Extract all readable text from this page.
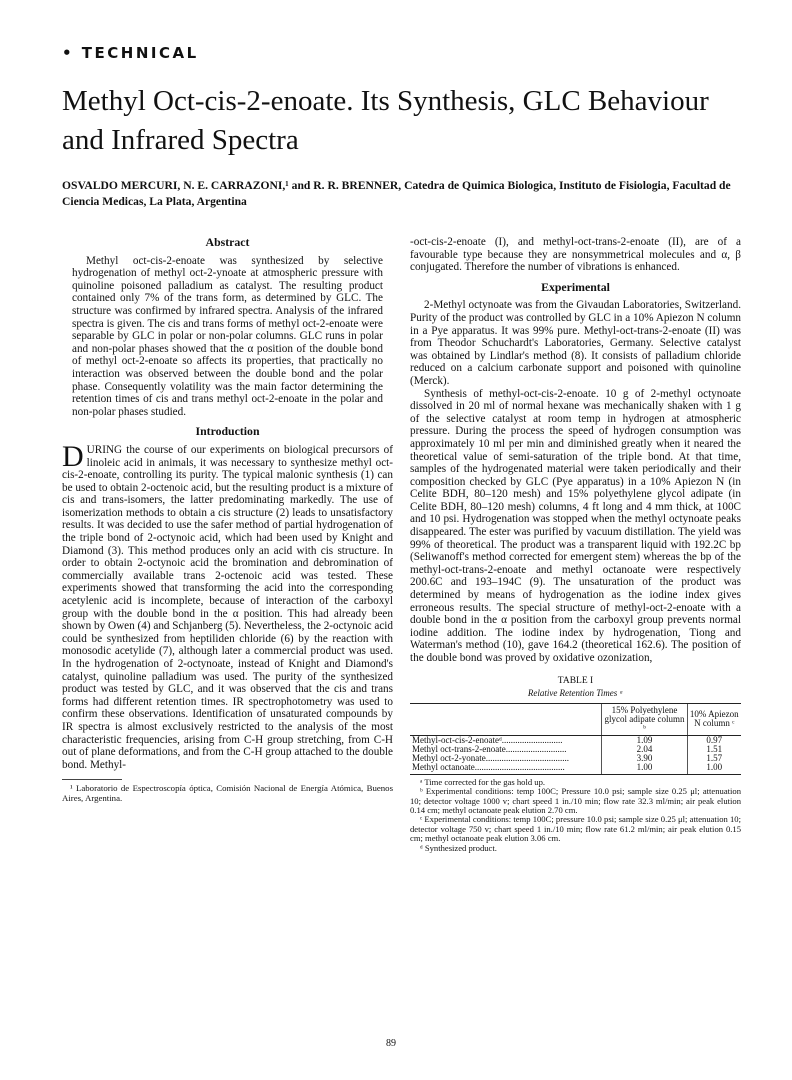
• TECHNICAL
Methyl Oct-cis-2-enoate. Its Synthesis, GLC Behaviour and Infrared Spectra

OSVALDO MERCURI, N. E. CARRAZONI,¹ and R. R. BRENNER, Catedra de Quimica Biologica, Instituto de Fisiologia, Facultad de Ciencia Medicas, La Plata, Argentina

Abstract

Methyl oct-cis-2-enoate was synthesized by selective hydrogenation of methyl oct-2-ynoate at atmospheric pressure with quinoline poisoned palladium as catalyst. The resulting product contained only 7% of the trans form, as determined by GLC. The structure was confirmed by infrared spectra. Analysis of the infrared spectra is given. The cis and trans forms of methyl oct-2-enoate were separable by GLC in polar or non-polar columns. GLC runs in polar and non-polar phases showed that the α position of the double bond of methyl oct-2-enoate so affects its properties, that practically no interaction was observed between the double bond and the polar phase. Consequently volatility was the main factor determining the retention times of cis and trans methyl oct-2-enoate in the polar and non-polar phases studied.

Introduction

DURING the course of our experiments on biological precursors of linoleic acid in animals, it was necessary to synthesize methyl oct-cis-2-enoate, controlling its purity. The typical malonic synthesis (1) can be used to obtain 2-octenoic acid, but the resulting product is a mixture of cis and trans-isomers, the latter predominating markedly. The use of isomerization methods to obtain a cis structure (2) leads to unsatisfactory results. It was decided to use the safer method of partial hydrogenation of the triple bond of 2-octynoic acid, which had been used by Knight and Diamond (3). This method produces only an acid with cis structure. In order to obtain 2-octynoic acid the bromination and debromination of commercially available trans 2-octenoic acid was tested. These experiments showed that transforming the acid into the corresponding acetylenic acid is incomplete, because of interaction of the carboxyl group with the double bond in the α position. This had already been shown by Owen (4) and Schjanberg (5). Nevertheless, the 2-octynoic acid could be synthesized from heptiliden chloride (6) by the reaction with monosodic acetylide (7), although later a commercial product was used. In the hydrogenation of 2-octynoate, instead of Knight and Diamond's catalyst, quinoline palladium was used. The purity of the synthesized product was tested by GLC, and it was observed that the cis and trans forms had different retention times. IR spectrophotometry was used to confirm these observations. Identification of unsaturated compounds by IR spectra is almost exclusively restricted to the analysis of the most characteristic frequencies, arising from C-H group stretching, from C-H out of plane deformations, and from the C-H group attached to the double bond. Methyl-

¹ Laboratorio de Espectroscopía óptica, Comisión Nacional de Energía Atómica, Buenos Aires, Argentina.

-oct-cis-2-enoate (I), and methyl-oct-trans-2-enoate (II), are of a favourable type because they are nonsymmetrical molecules and α, β conjugated. Therefore the number of vibrations is enhanced.

Experimental

2-Methyl octynoate was from the Givaudan Laboratories, Switzerland. Purity of the product was controlled by GLC in a 10% Apiezon N column in a Pye apparatus. It was 99% pure. Methyl-oct-trans-2-enoate (II) was from Theodor Schuchardt's Laboratories, Germany. Selective catalyst was obtained by Lindlar's method (8). It consists of palladium chloride reduced on a calcium carbonate support and poisoned with quinoline (Merck).

Synthesis of methyl-oct-cis-2-enoate. 10 g of 2-methyl octynoate dissolved in 20 ml of normal hexane was mechanically shaken with 1 g of the selective catalyst at room temp in hydrogen at atmospheric pressure. During the process the speed of hydrogen consumption was approximately 10 ml per min and diminished greatly when it neared the theoretical value of semi-saturation of the triple bond. At that time, samples of the hydrogenated material were taken periodically and their composition checked by GLC (Pye apparatus) in a 10% Apiezon N (in Celite BDH, 80–120 mesh) and 15% polyethylene glycol adipate (in Celite BDH, 80–120 mesh) columns, 4 ft long and 4 mm thick, at 100C and 10 psi. Hydrogenation was stopped when the methyl octynoate peaks disappeared. The ester was purified by vacuum distillation. The yield was 99% of theoretical. The product was a transparent liquid with 192.2C bp (Seliwanoff's method corrected for emergent stem) whereas the bp of the methyl-oct-trans-2-enoate and methyl octanoate were respectively 200.6C and 193–194C (9). The unsaturation of the product was determined by means of hydrogenation as the iodine index gives erroneous results. The special structure of methyl-oct-2-enoate with a double bond in the α position from the carboxyl group prevents normal iodine addition. The iodine index by hydrogenation, Tiong and Waterman's method (10), gave 164.2 (theoretical 162.6). The position of the double bond was proved by oxidative ozonization,

TABLE I
Relative Retention Times ᵃ
	15% Polyethylene glycol adipate column ᵇ	10% Apiezon N column ᶜ
Methyl-oct-cis-2-enoateᵈ...........................	1.09	0.97
Methyl oct-trans-2-enoate...........................	2.04	1.51
Methyl oct-2-yonate.....................................	3.90	1.57
Methyl octanoate........................................	1.00	1.00
ᵃ Time corrected for the gas hold up.
ᵇ Experimental conditions: temp 100C; Pressure 10.0 psi; sample size 0.25 μl; attenuation 10; detector voltage 1000 v; chart speed 1 in./10 min; flow rate 32.3 ml/min; air peak elution 0.14 cm; methyl octanoate peak elution 2.70 cm.
ᶜ Experimental conditions: temp 100C; pressure 10.0 psi; sample size 0.25 μl; attenuation 10; detector voltage 750 v; chart speed 1 in./10 min; flow rate 61.2 ml/min; air peak elution 0.15 cm; methyl octanoate peak elution 3.06 cm.
ᵈ Synthesized product.
89
